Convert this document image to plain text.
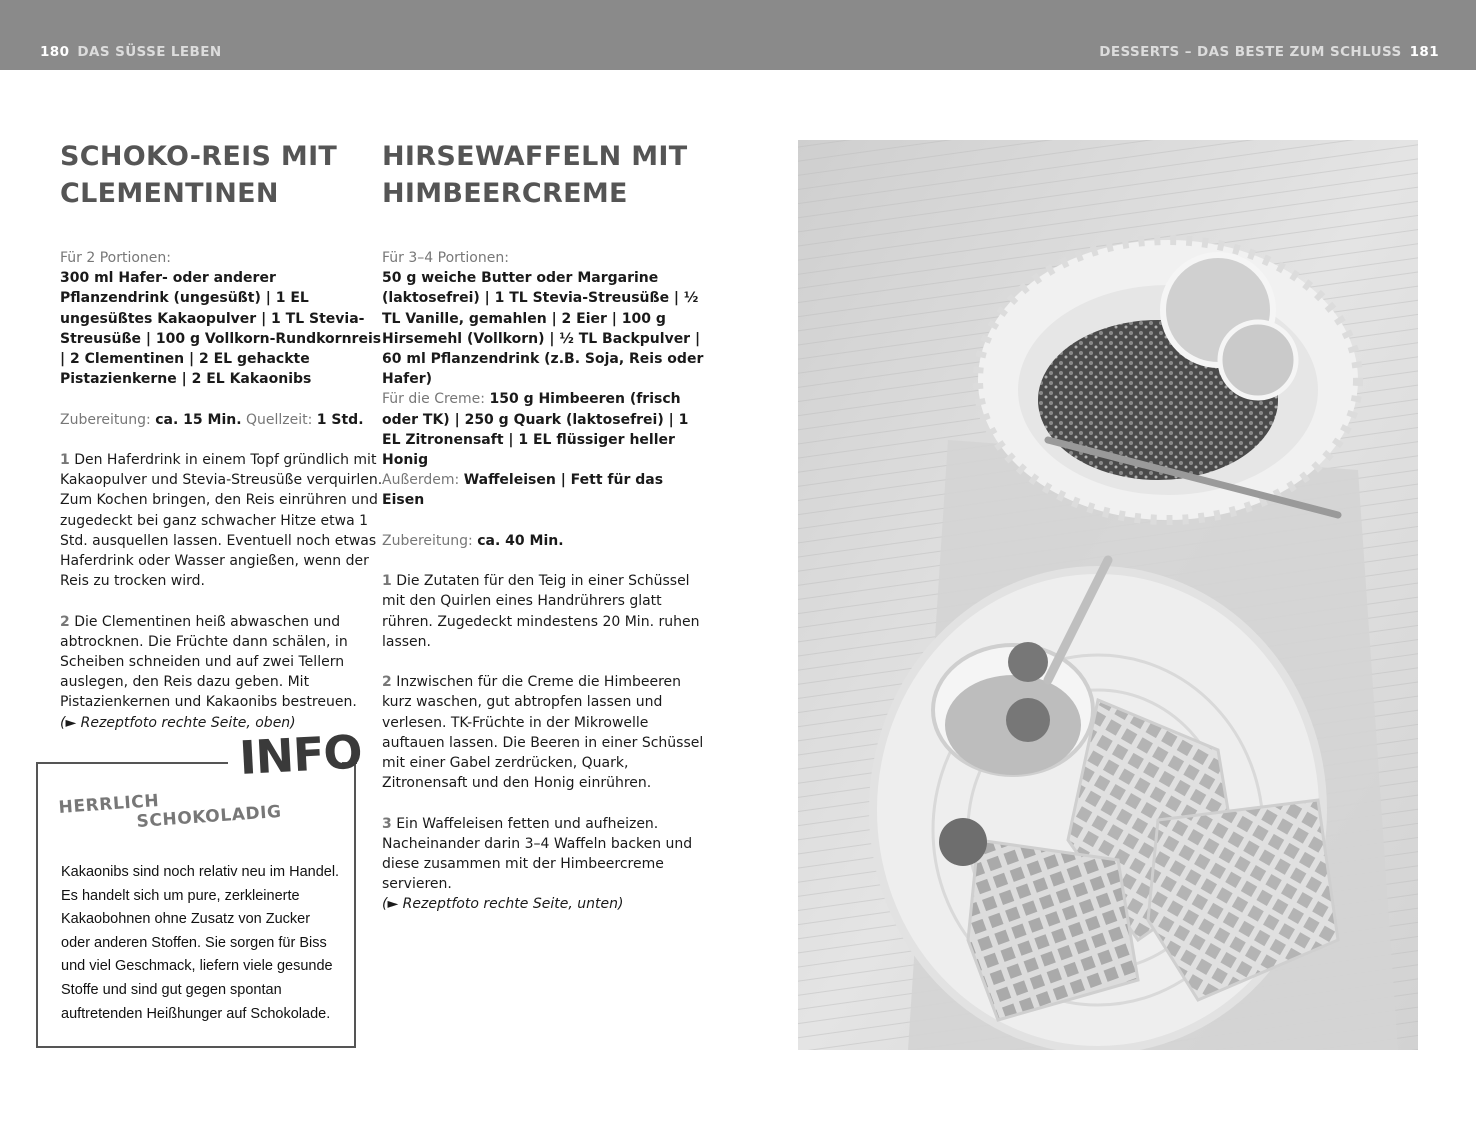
180 DAS SÜSSE LEBEN	DESSERTS – DAS BESTE ZUM SCHLUSS 181
SCHOKO-REIS MIT
CLEMENTINEN

Für 2 Portionen:
300 ml Hafer- oder anderer Pflanzendrink (ungesüßt) | 1 EL ungesüßtes Kakaopulver | 1 TL Stevia-Streusüße | 100 g Vollkorn-Rundkornreis | 2 Clementinen | 2 EL gehackte Pistazienkerne | 2 EL Kakaonibs

Zubereitung: ca. 15 Min. Quellzeit: 1 Std.

1 Den Haferdrink in einem Topf gründlich mit Kakaopulver und Stevia-Streusüße verquirlen. Zum Kochen bringen, den Reis einrühren und zugedeckt bei ganz schwacher Hitze etwa 1 Std. ausquellen lassen. Eventuell noch etwas Haferdrink oder Wasser angießen, wenn der Reis zu trocken wird.

2 Die Clementinen heiß abwaschen und abtrocknen. Die Früchte dann schälen, in Scheiben schneiden und auf zwei Tellern auslegen, den Reis dazu geben. Mit Pistazienkernen und Kakaonibs bestreuen.
(► Rezeptfoto rechte Seite, oben)

HIRSEWAFFELN MIT
HIMBEERCREME

Für 3–4 Portionen:
50 g weiche Butter oder Margarine (laktosefrei) | 1 TL Stevia-Streusüße | ½ TL Vanille, gemahlen | 2 Eier | 100 g Hirsemehl (Vollkorn) | ½ TL Backpulver | 60 ml Pflanzendrink (z.B. Soja, Reis oder Hafer)
Für die Creme: 150 g Himbeeren (frisch oder TK) | 250 g Quark (laktosefrei) | 1 EL Zitronensaft | 1 EL flüssiger heller Honig
Außerdem: Waffeleisen | Fett für das Eisen

Zubereitung: ca. 40 Min.

1 Die Zutaten für den Teig in einer Schüssel mit den Quirlen eines Handrührers glatt rühren. Zugedeckt mindestens 20 Min. ruhen lassen.

2 Inzwischen für die Creme die Himbeeren kurz waschen, gut abtropfen lassen und verlesen. TK-Früchte in der Mikrowelle auftauen lassen. Die Beeren in einer Schüssel mit einer Gabel zerdrücken, Quark, Zitronensaft und den Honig einrühren.

3 Ein Waffeleisen fetten und aufheizen. Nacheinander darin 3–4 Waffeln backen und diese zusammen mit der Himbeercreme servieren.
(► Rezeptfoto rechte Seite, unten)

INFO
HERRLICH
SCHOKOLADIG
Kakaonibs sind noch relativ neu im Handel. Es handelt sich um pure, zerkleinerte Kakaobohnen ohne Zusatz von Zucker oder anderen Stoffen. Sie sorgen für Biss und viel Geschmack, liefern viele gesunde Stoffe und sind gut gegen spontan auftretenden Heißhunger auf Schokolade.
